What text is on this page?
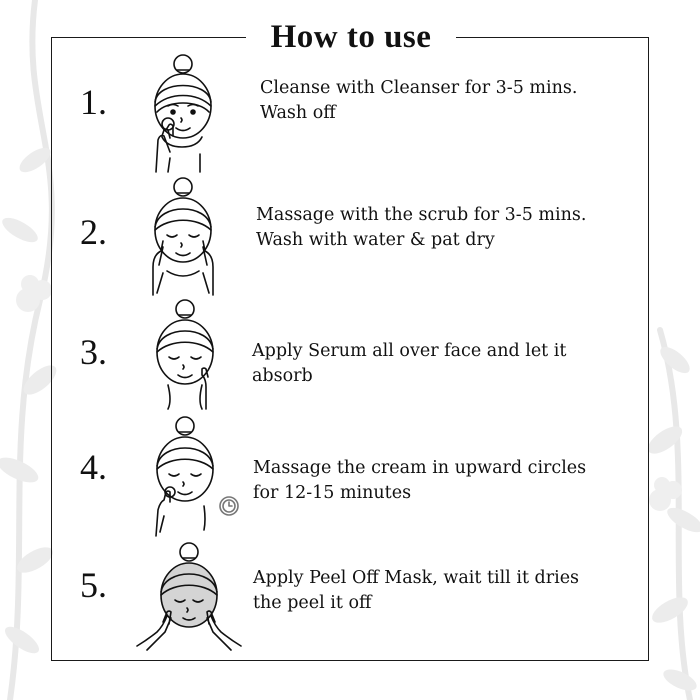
How to use
1.	Cleanse with Cleanser for 3-5 mins.
Wash off
2.	Massage with the scrub for 3-5 mins.
Wash with water & pat dry
3.	Apply Serum all over face and let it
absorb
4.	Massage the cream in upward circles
for 12-15 minutes
5.	Apply Peel Off Mask, wait till it dries
the peel it off
